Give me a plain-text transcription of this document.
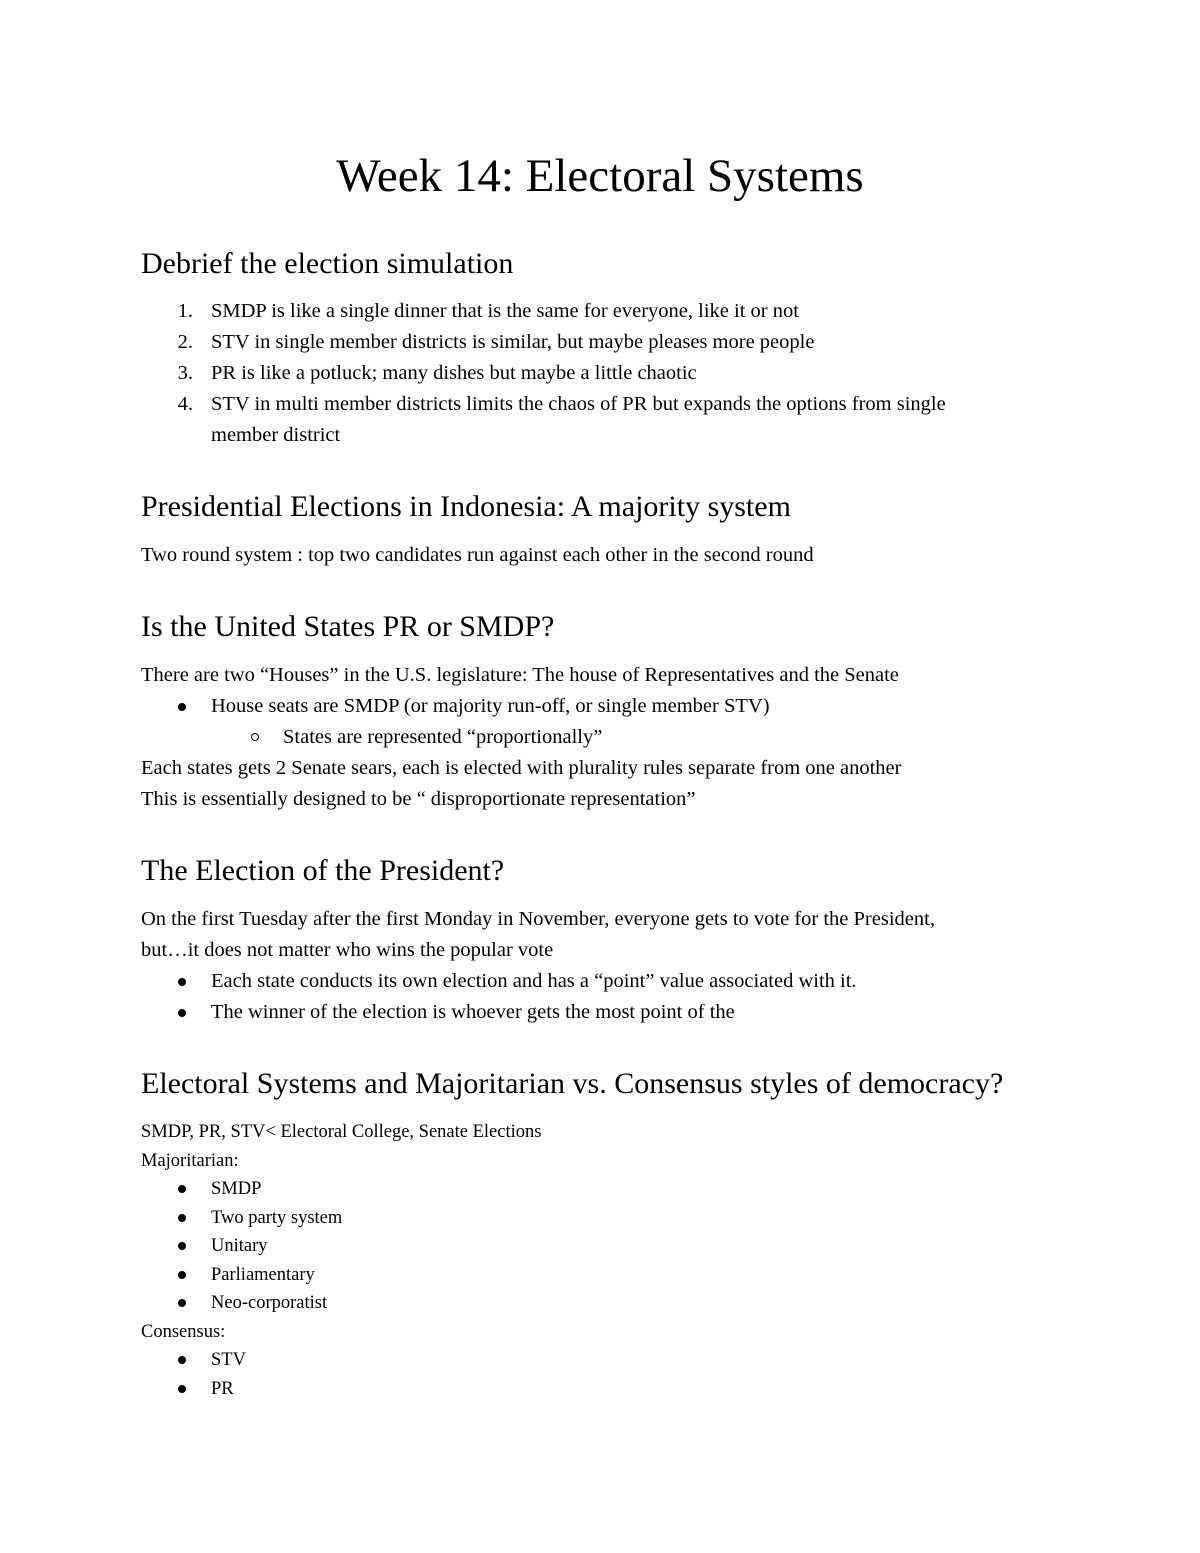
Week 14: Electoral Systems
Debrief the election simulation
1. SMDP is like a single dinner that is the same for everyone, like it or not
2. STV in single member districts is similar, but maybe pleases more people
3. PR is like a potluck; many dishes but maybe a little chaotic
4. STV in multi member districts limits the chaos of PR but expands the options from single
member district
Presidential Elections in Indonesia: A majority system

Two round system : top two candidates run against each other in the second round

Is the United States PR or SMDP?

There are two “Houses” in the U.S. legislature: The house of Representatives and the Senate

House seats are SMDP (or majority run-off, or single member STV)
States are represented “proportionally”

Each states gets 2 Senate sears, each is elected with plurality rules separate from one another

This is essentially designed to be “ disproportionate representation”

The Election of the President?

On the first Tuesday after the first Monday in November, everyone gets to vote for the President,

but…it does not matter who wins the popular vote

Each state conducts its own election and has a “point” value associated with it.
The winner of the election is whoever gets the most point of the
Electoral Systems and Majoritarian vs. Consensus styles of democracy?

SMDP, PR, STV< Electoral College, Senate Elections

Majoritarian:

SMDP
Two party system
Unitary
Parliamentary
Neo-corporatist

Consensus:

STV
PR
